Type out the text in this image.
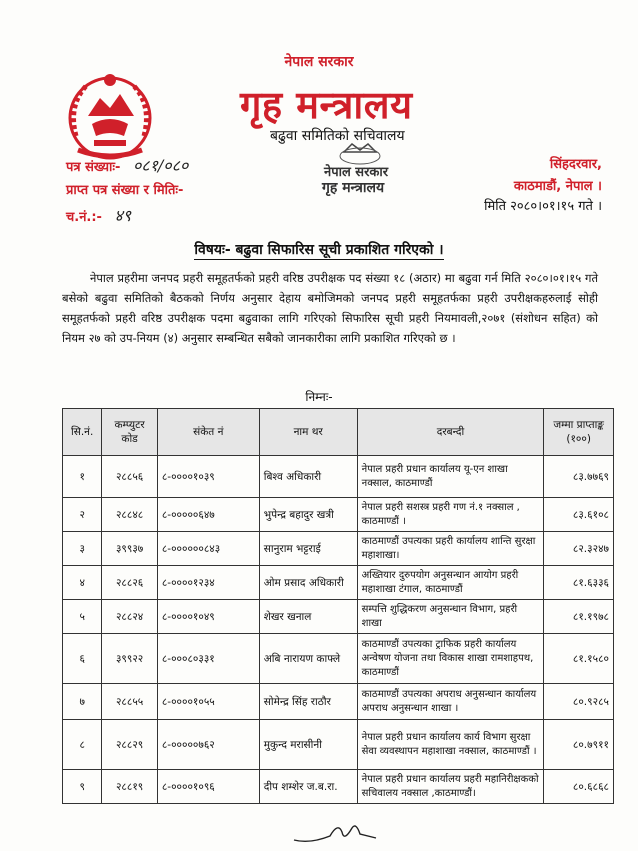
नेपाल सरकार
गृह मन्त्रालय
बढुवा समितिको सचिवालय
नेपाल सरकार
गृह मन्त्रालय
पत्र संख्याः- ०८१/०८०
प्राप्त पत्र संख्या र मितिः-
च.नं.:- ४९
सिंहदरवार,
काठमाडौं, नेपाल ।
मिति २०८०।०१।१५ गते ।
विषयः- बढुवा सिफारिस सूची प्रकाशित गरिएको ।
नेपाल प्रहरीमा जनपद प्रहरी समूहतर्फको प्रहरी वरिष्ठ उपरीक्षक पद संख्या १८ (अठार) मा बढुवा गर्न मिति २०८०।०१।१५ गते बसेको बढुवा समितिको बैठकको निर्णय अनुसार देहाय बमोजिमको जनपद प्रहरी समूहतर्फका प्रहरी उपरीक्षकहरुलाई सोही समूहतर्फको प्रहरी वरिष्ठ उपरीक्षक पदमा बढुवाका लागि गरिएको सिफारिस सूची प्रहरी नियमावली,२०७१ (संशोधन सहित) को नियम २७ को उप-नियम (४) अनुसार सम्बन्धित सबैको जानकारीका लागि प्रकाशित गरिएको छ ।
निम्नः-
सि.नं.	कम्प्युटर कोड	संकेत नं	नाम थर	दरबन्दी	जम्मा प्राप्ताङ्क
(१००)

१	२८८५६	८-००००१०३९	बिश्व अधिकारी	नेपाल प्रहरी प्रधान कार्यालय यू-एन शाखा नक्साल, काठमाण्डौं	८३.७७६९
२	२८८४८	८-०००००६४७	भुपेन्द्र बहादुर खत्री	नेपाल प्रहरी सशस्त्र प्रहरी गण नं.१ नक्साल , काठमाण्डौं ।	८३.६१०८
३	३९९३७	८-००००००८४३	सानुराम भट्टराई	काठमाण्डौं उपत्यका प्रहरी कार्यालय शान्ति सुरक्षा महाशाखा।	८२.३२४७
४	२८८२६	८-००००१२३४	ओम प्रसाद अधिकारी	अख्तियार दुरुपयोग अनुसन्धान आयोग प्रहरी महाशाखा टंगाल, काठमाण्डौं	८१.६३३६
५	२८८२४	८-००००१०४९	शेखर खनाल	सम्पत्ति शुद्धिकरण अनुसन्धान विभाग, प्रहरी शाखा	८१.१९७८
६	३९९२२	८-०००८०३३१	अबि नारायण काफ्ले	काठमाण्डौं उपत्यका ट्राफिक प्रहरी कार्यालय अन्वेषण योजना तथा विकास शाखा रामशाहपथ, काठमाण्डौं	८१.१५८०
७	२८८५५	८-००००१०५५	सोमेन्द्र सिंह राठौर	काठमाण्डौं उपत्यका अपराध अनुसन्धान कार्यालय अपराध अनुसन्धान शाखा ।	८०.९२८५
८	२८८२९	८-०००००७६२	मुकुन्द मरासीनी	नेपाल प्रहरी प्रधान कार्यालय कार्य विभाग सुरक्षा सेवा व्यवस्थापन महाशाखा नक्साल, काठमाण्डौं ।	८०.७९११
९	२८८१९	८-००००१०९६	दीप शम्शेर ज.ब.रा.	नेपाल प्रहरी प्रधान कार्यालय प्रहरी महानिरीक्षकको सचिवालय नक्साल ,काठमाण्डौं।	८०.६८६८
